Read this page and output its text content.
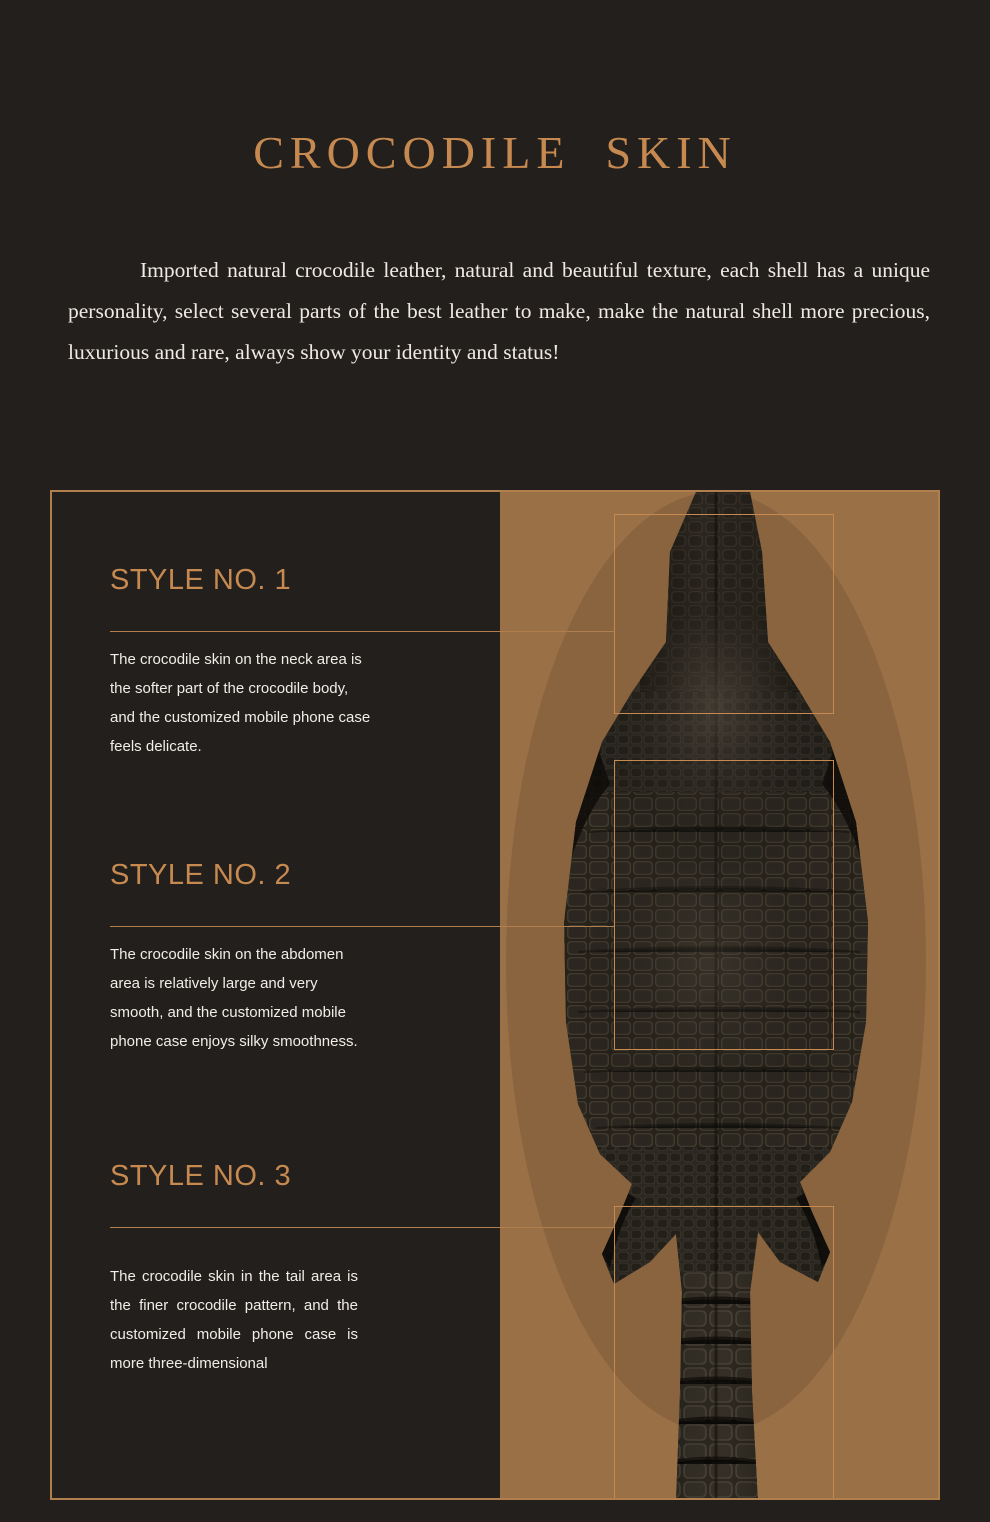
CROCODILE  SKIN

Imported natural crocodile leather, natural and beautiful texture, each shell has a unique personality, select several parts of the best leather to make, make the natural shell more precious, luxurious and rare, always show your identity and status!

STYLE NO. 1
The crocodile skin on the neck area is the softer part of the crocodile body, and the customized mobile phone case feels delicate.
STYLE NO. 2
The crocodile skin on the abdomen area is relatively large and very smooth, and the customized mobile phone case enjoys silky smoothness.
STYLE NO. 3
The crocodile skin in the tail area is the finer crocodile pattern, and the customized mobile phone case is more three-dimensional
